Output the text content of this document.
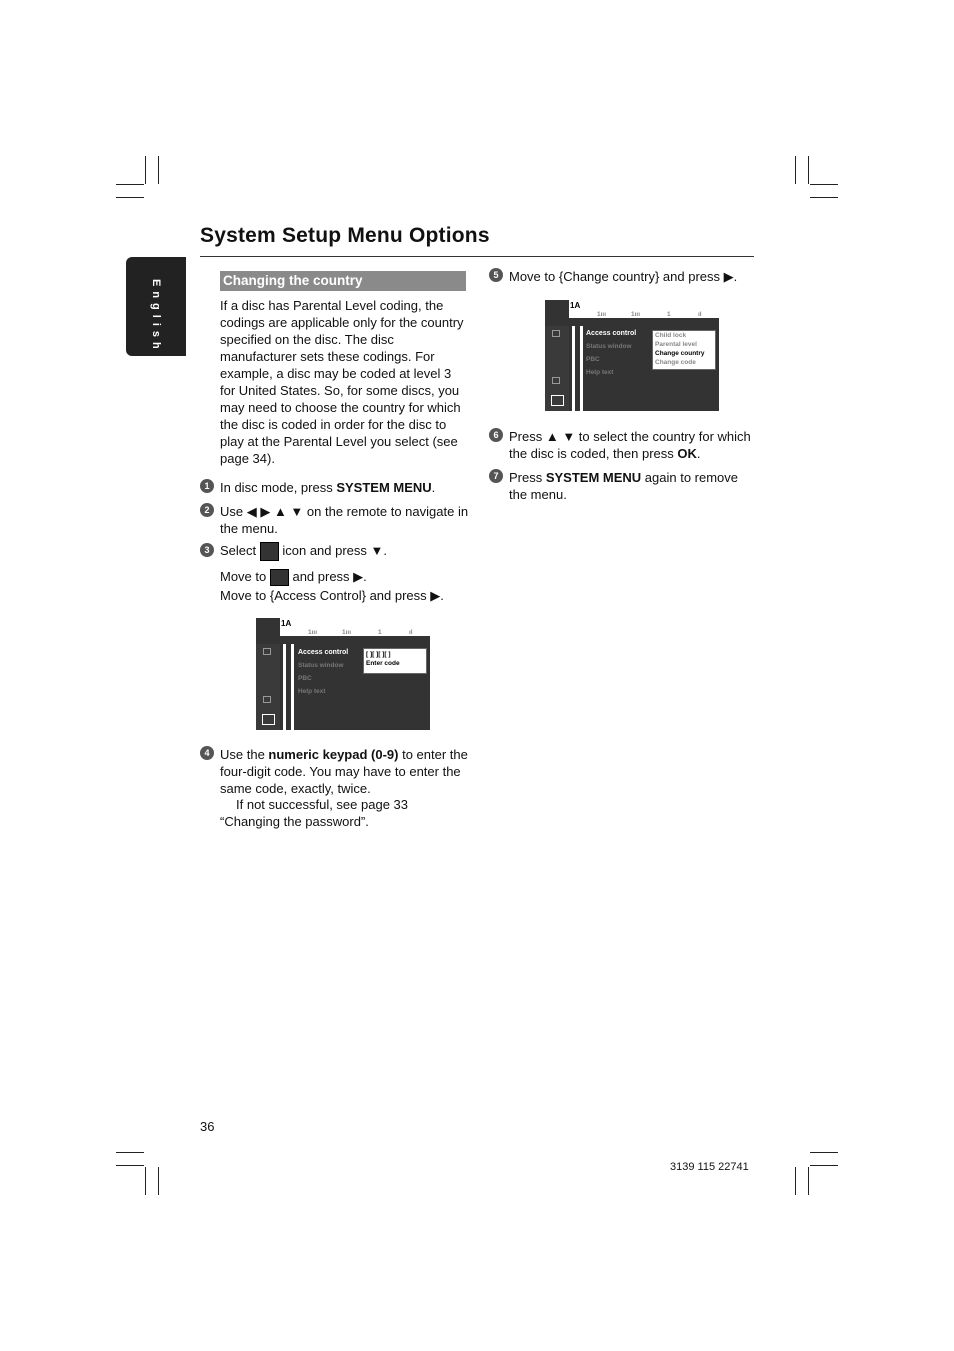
English
System Setup Menu Options
Changing the country
If a disc has Parental Level coding, the codings are applicable only for the country specified on the disc. The disc manufacturer sets these codings. For example, a disc may be coded at level 3 for United States. So, for some discs, you may need to choose the country for which the disc is coded in order for the disc to play at the Parental Level you select (see page 34).
1 In disc mode, press SYSTEM MENU.
2 Use ◀ ▶ ▲ ▼ on the remote to navigate in the menu.
3 Select  icon and press ▼.
Move to  and press ▶.
Move to {Access Control} and press ▶.
1A
1ııı	1ııı	1	ıl
Access control
Status window
PBC
Help text
[ ][ ][ ][ ]
Enter code
4 Use the numeric keypad (0-9) to enter the four-digit code. You may have to enter the same code, exactly, twice.
If not successful, see page 33 “Changing the password”.
5 Move to {Change country} and press ▶.
1A
1ııı	1ııı	1	ıl
Access control
Status window
PBC
Help text
Child lock
Parental level
Change country
Change code
6 Press ▲ ▼ to select the country for which the disc is coded, then press OK.
7 Press SYSTEM MENU again to remove the menu.
36
3139 115 22741
